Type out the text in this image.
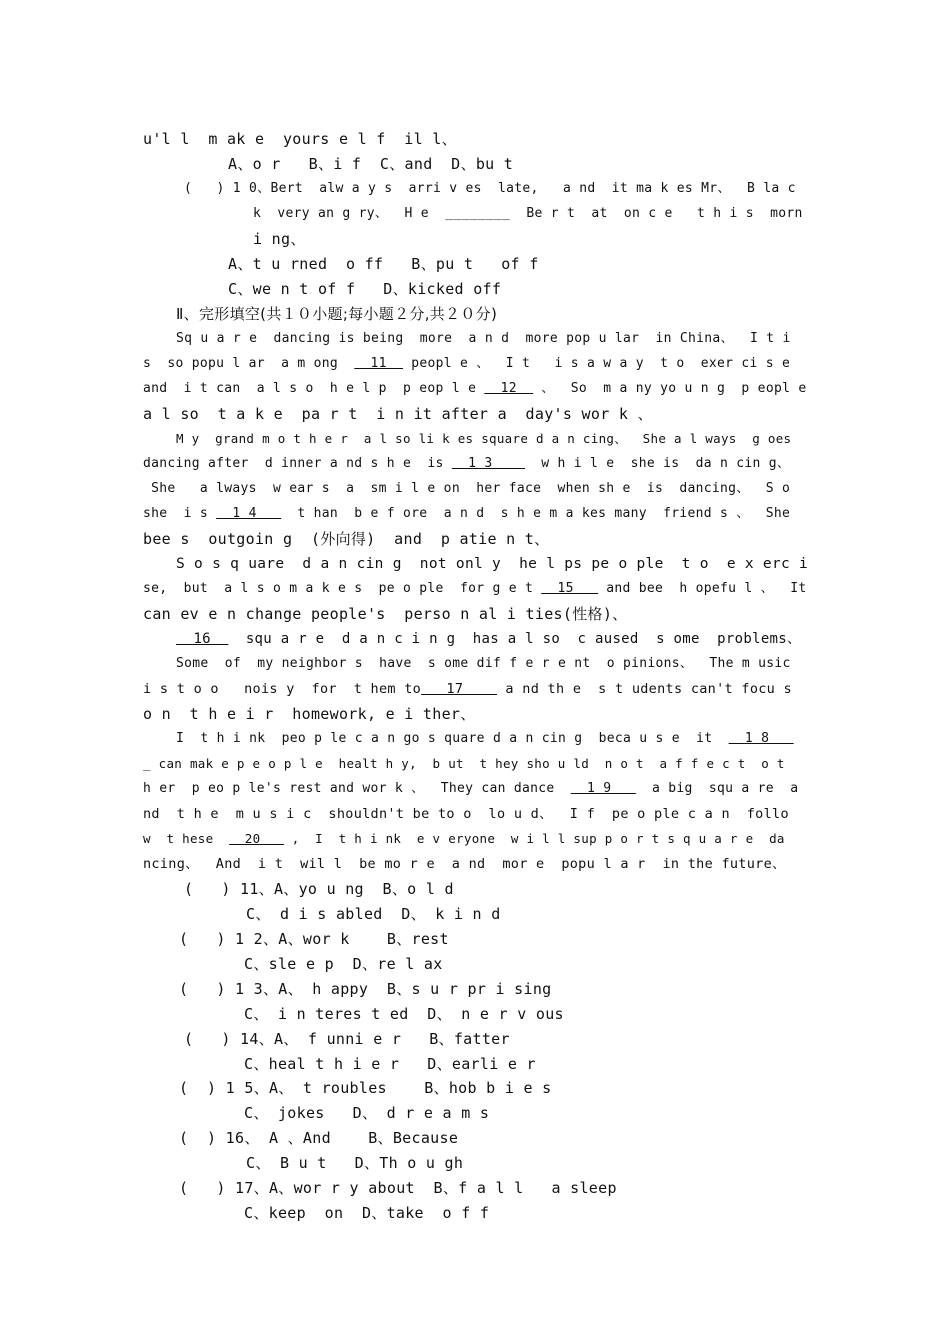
u'l l  m ak e  yours e l f  il l、
A、o r   B、i f  C、and  D、bu t
(   ) 1 0、Bert  alw a y s  arri v es  late,   a nd  it ma k es Mr、  B la c
k  very an g ry、  H e  ________  Be r t  at  on c e   t h i s  morn
i ng、
A、t u rned  o ff   B、pu t   of f
C、we n t of f   D、kicked off
Ⅱ、完形填空(共１０小题;每小题２分,共２０分)
Sq u a r e  dancing is being  more  a n d  more pop u lar  in China、  I t i
s  so popu l ar  a m ong    11   peopl e 、  I t   i s a w a y  t o  exer ci s e
and  i t can  a l s o  h e l p  p eop l e   12   、  So  m a ny yo u n g  p eopl e
a l so  t a k e  pa r t  i n it after a  day's wor k 、
M y  grand m o t h e r  a l so li k es square d a n cing、  She a l ways  g oes
dancing after  d inner a nd s h e  is   1 3      w h i l e  she is  da n cin g、
She   a lways  w ear s  a  sm i l e on  her face  when sh e  is  dancing、  S o
she  i s   1 4     t han  b e f ore  a n d  s h e m a kes many  friend s 、  She
bee s  outgoin g  (外向得)  and  p atie n t、
S o s q uare  d a n cin g  not onl y  he l ps pe o ple  t o  e x erc i
se,  but  a l s o m a k e s  pe o ple  for g e t   15    and bee  h opefu l 、  It
can ev e n change people's  perso n al i ties(性格)、
16    squ a r e  d a n c i n g  has a l so  c aused  s ome  problems、
Some  of  my neighbor s  have  s ome dif f e r e nt  o pinions、  The m usic
i s t o o   nois y  for  t hem to   17     a nd th e  s t udents can't focu s
o n  t h e i r  homework, e i ther、
I  t h i nk  peo p le c a n go s quare d a n cin g  beca u s e  it    1 8
_ can mak e p e o p l e  healt h y,  b ut  t hey sho u ld  n o t  a f f e c t  o t
h er  p eo p le's rest and wor k 、  They can dance    1 9     a big  squ a re  a
nd  t h e  m u s i c  shouldn't be to o  lo u d、  I f  pe o ple c a n  follo
w  t hese    20    ,  I  t h i nk  e v eryone  w i l l sup p o r t s q u a r e  da
ncing、  And  i t  wil l  be mo r e  a nd  mor e  popu l a r  in the future、
(   ) 11、A、yo u ng  B、o l d
C、 d i s abled  D、 k i n d
(   ) 1 2、A、wor k    B、rest
C、sle e p  D、re l ax
(   ) 1 3、A、 h appy  B、s u r pr i sing
C、 i n teres t ed  D、 n e r v ous
(   ) 14、A、 f unni e r   B、fatter
C、heal t h i e r   D、earli e r
(  ) 1 5、A、 t roubles    B、hob b i e s
C、 jokes   D、 d r e a m s
(  ) 16、 A 、And    B、Because
C、 B u t   D、Th o u gh
(   ) 17、A、wor r y about  B、f a l l   a sleep
C、keep  on  D、take  o f f
